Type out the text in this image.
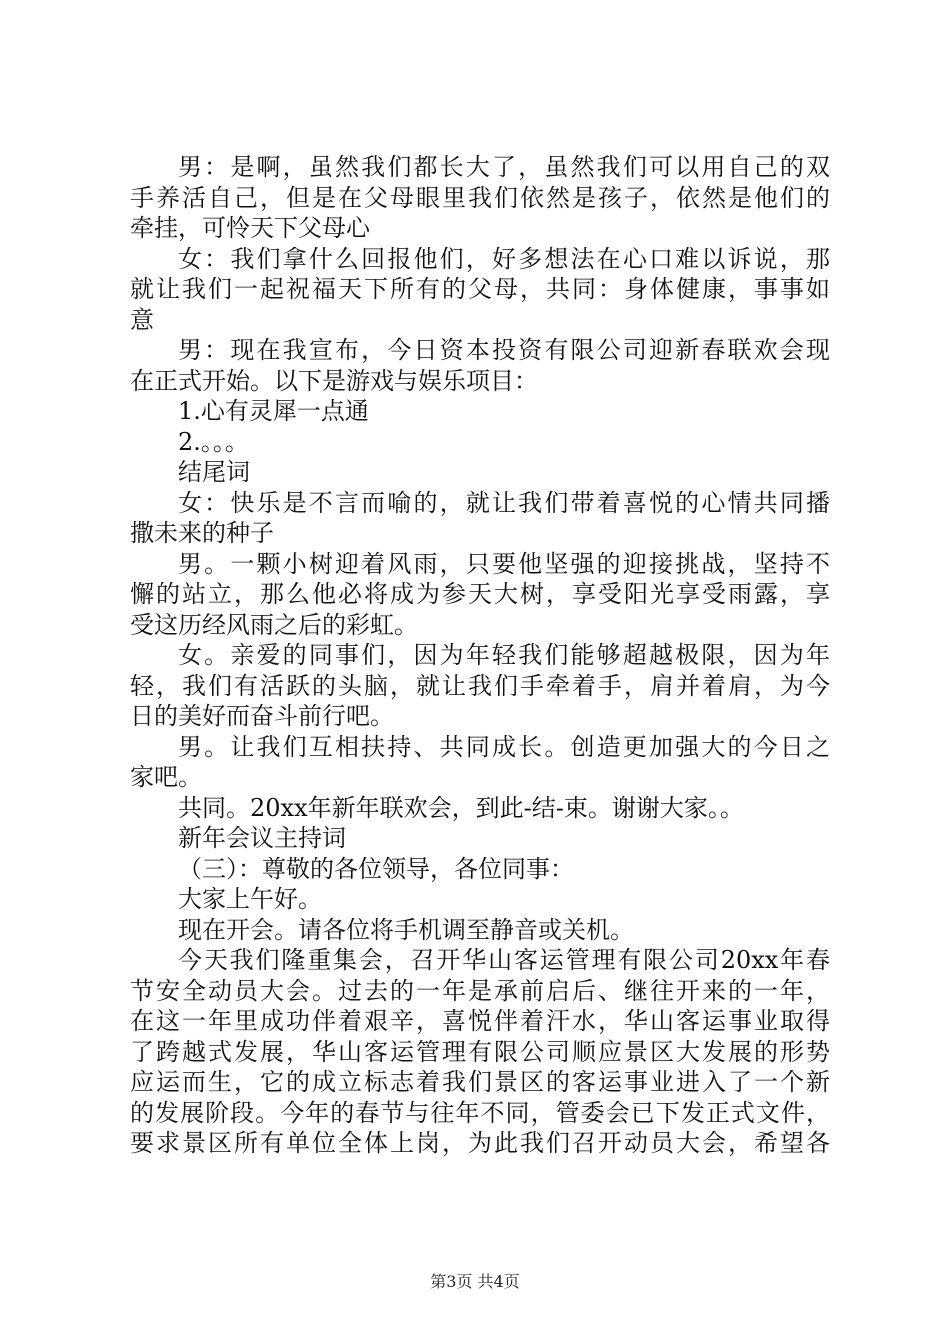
男：是啊，虽然我们都长大了，虽然我们可以用自己的双
手养活自己，但是在父母眼里我们依然是孩子，依然是他们的
牵挂，可怜天下父母心
女：我们拿什么回报他们，好多想法在心口难以诉说，那
就让我们一起祝福天下所有的父母，共同：身体健康，事事如
意
男：现在我宣布，今日资本投资有限公司迎新春联欢会现
在正式开始。以下是游戏与娱乐项目：
1.心有灵犀一点通
2.。。。
结尾词
女：快乐是不言而喻的，就让我们带着喜悦的心情共同播
撒未来的种子
男。一颗小树迎着风雨，只要他坚强的迎接挑战，坚持不
懈的站立，那么他必将成为参天大树，享受阳光享受雨露，享
受这历经风雨之后的彩虹。
女。亲爱的同事们，因为年轻我们能够超越极限，因为年
轻，我们有活跃的头脑，就让我们手牵着手，肩并着肩，为今
日的美好而奋斗前行吧。
男。让我们互相扶持、共同成长。创造更加强大的今日之
家吧。
共同。20xx年新年联欢会，到此-结-束。谢谢大家。。
新年会议主持词
（三）：尊敬的各位领导，各位同事：
大家上午好。
现在开会。请各位将手机调至静音或关机。
今天我们隆重集会，召开华山客运管理有限公司20xx年春
节安全动员大会。过去的一年是承前启后、继往开来的一年，
在这一年里成功伴着艰辛，喜悦伴着汗水，华山客运事业取得
了跨越式发展，华山客运管理有限公司顺应景区大发展的形势
应运而生，它的成立标志着我们景区的客运事业进入了一个新
的发展阶段。今年的春节与往年不同，管委会已下发正式文件，
要求景区所有单位全体上岗，为此我们召开动员大会，希望各
第3页 共4页
